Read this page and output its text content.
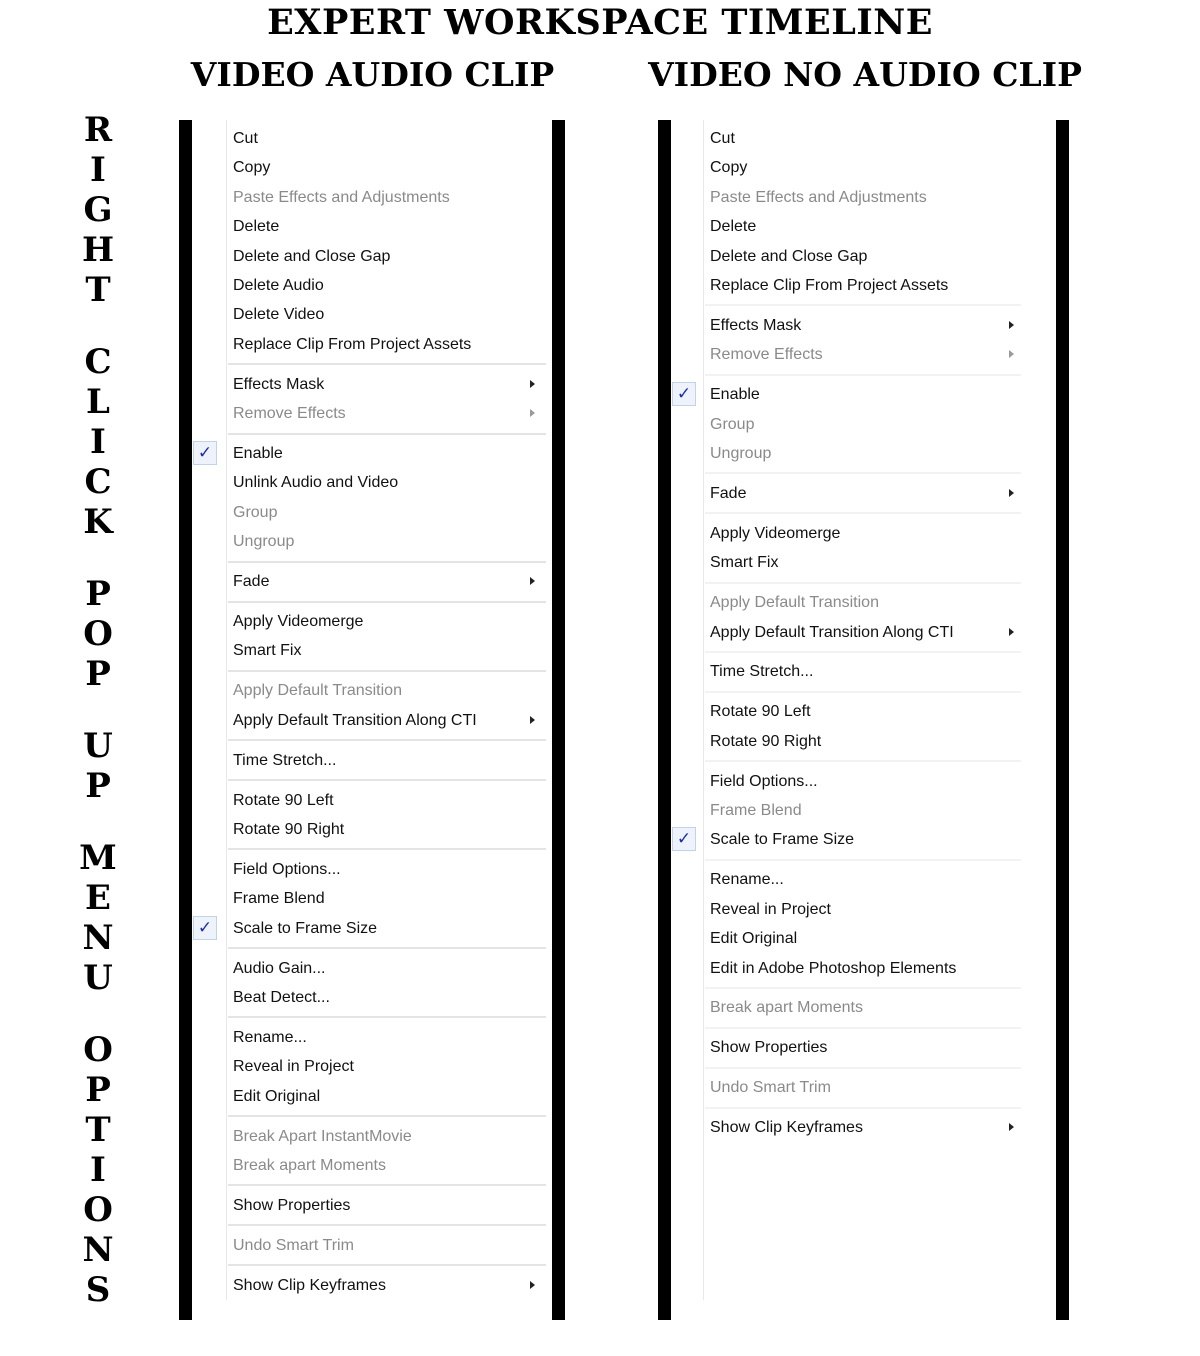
EXPERT WORKSPACE TIMELINE
VIDEO AUDIO CLIP	VIDEO NO AUDIO CLIP
R
I
G
H
T
C
L
I
C
K
P
O
P
U
P
M
E
N
U
O
P
T
I
O
N
S
Cut
Copy
Paste Effects and Adjustments
Delete
Delete and Close Gap
Delete Audio
Delete Video
Replace Clip From Project Assets
Effects Mask
Remove Effects
✓	Enable
Unlink Audio and Video
Group
Ungroup
Fade
Apply Videomerge
Smart Fix
Apply Default Transition
Apply Default Transition Along CTI
Time Stretch...
Rotate 90 Left
Rotate 90 Right
Field Options...
Frame Blend
✓	Scale to Frame Size
Audio Gain...
Beat Detect...
Rename...
Reveal in Project
Edit Original
Break Apart InstantMovie
Break apart Moments
Show Properties
Undo Smart Trim
Show Clip Keyframes
Cut
Copy
Paste Effects and Adjustments
Delete
Delete and Close Gap
Replace Clip From Project Assets
Effects Mask
Remove Effects
✓	Enable
Group
Ungroup
Fade
Apply Videomerge
Smart Fix
Apply Default Transition
Apply Default Transition Along CTI
Time Stretch...
Rotate 90 Left
Rotate 90 Right
Field Options...
Frame Blend
✓	Scale to Frame Size
Rename...
Reveal in Project
Edit Original
Edit in Adobe Photoshop Elements
Break apart Moments
Show Properties
Undo Smart Trim
Show Clip Keyframes
